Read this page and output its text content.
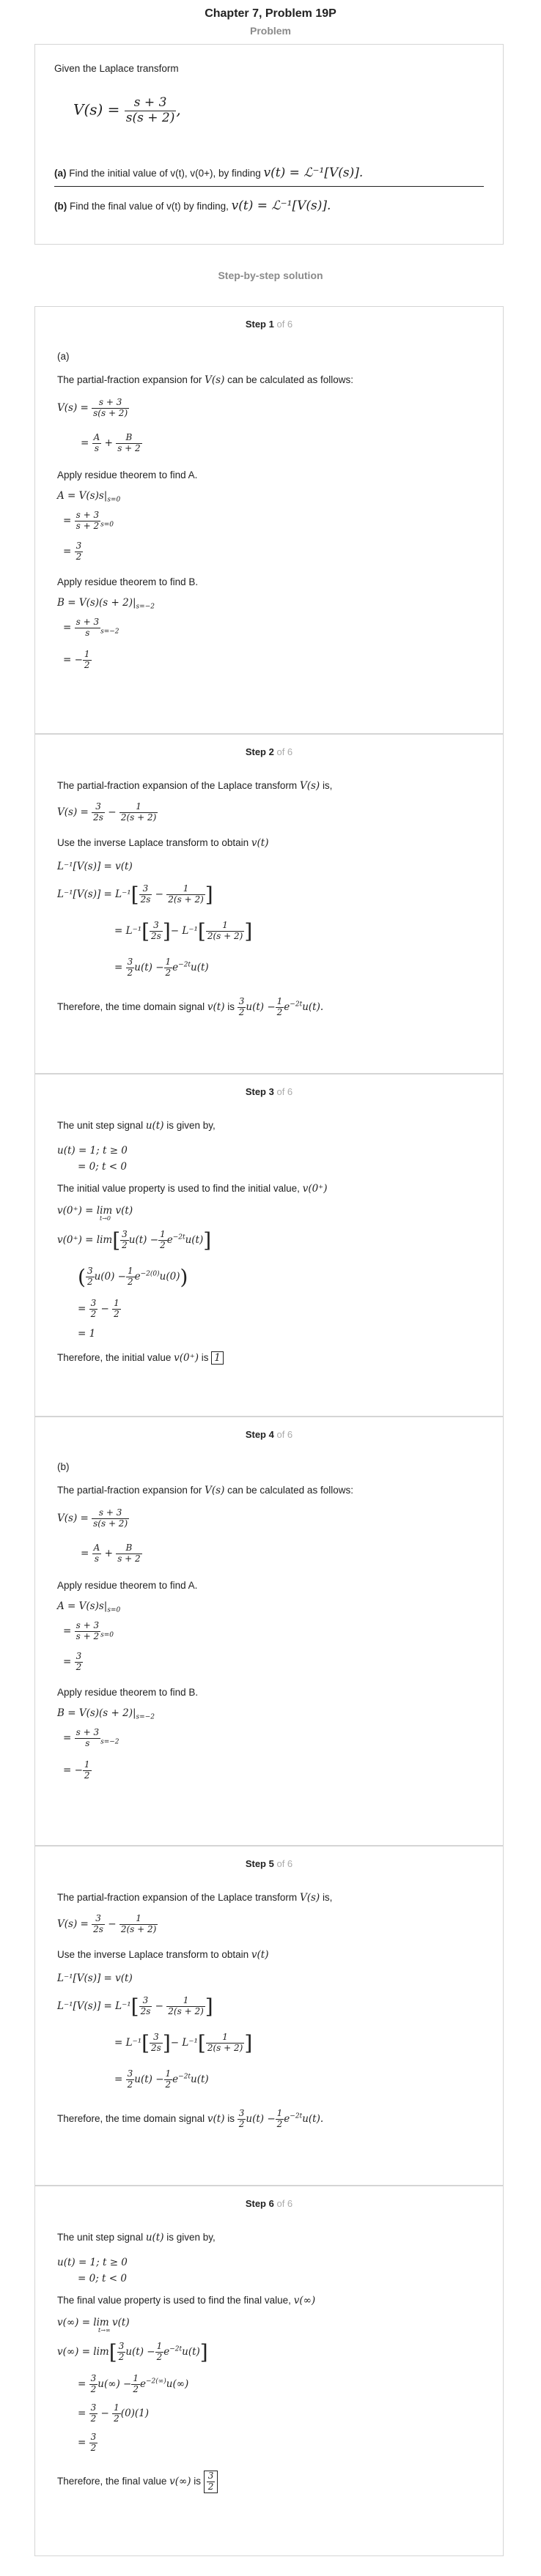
Chapter 7, Problem 19P
Problem
Given the Laplace transform
$V(s) = \frac{s + 3}{s(s + 2)}$ ,
(a) Find the initial value of v(t), v(0+), by finding v(t) = ℒ⁻¹[V(s)].
(b) Find the final value of v(t) by finding, v(t) = ℒ⁻¹[V(s)].
Step-by-step solution
Step 1 of 6
(a)
The partial-fraction expansion for V(s) can be calculated as follows:
$V(s) = \frac{s + 3}{s(s + 2)}$
= $\frac{A}{s} + \frac{B}{s + 2}$
Apply residue theorem to find A.
$A = V(s)s|_{s=0}$
= $\frac{s + 3}{s + 2} _{s=0}$
= $\frac{3}{2}$
Apply residue theorem to find B.
$B = V(s)(s + 2)|_{s=-2}$
= $\frac{s + 3}{s} _{s=-2}$
= − $\frac{1}{2}$
Step 2 of 6
The partial-fraction expansion of the Laplace transform V(s) is,
$V(s) = \frac{3}{2s} - \frac{1}{2(s + 2)}$
Use the inverse Laplace transform to obtain v(t)
L⁻¹[V(s)] = v(t)
$L^{-1}[V(s)] = L^{-1}[ \frac{3}{2s} - \frac{1}{2(s + 2)}$ ]
= $L^{-1}[ \frac{3}{2s}$ ]− $L^{-1}[ \frac{1}{2(s + 2)}$ ]
= $\frac{3}{2} u(t) - \frac{1}{2} e^{-2t}u(t)$
Therefore, the time domain signal v(t) is $\frac{3}{2} u(t) - \frac{1}{2} e^{-2t}u(t)$.
Step 3 of 6
The unit step signal u(t) is given by,
u(t) = 1; t ≥ 0
= 0; t < 0
The initial value property is used to find the initial value, v(0⁺)
v(0⁺) = lim v(t)
t→0
$v(0^+) = \lim[ \frac{3}{2} u(t) - \frac{1}{2} e^{-2t}u(t)]$
( $\frac{3}{2} u(0) - \frac{1}{2} e^{-2(0)}u(0)$)
= $\frac{3}{2} - \frac{1}{2}$
= 1
Therefore, the initial value v(0⁺) is 1
Step 4 of 6
(b)
The partial-fraction expansion for V(s) can be calculated as follows:
$V(s) = \frac{s + 3}{s(s + 2)}$
= $\frac{A}{s} + \frac{B}{s + 2}$
Apply residue theorem to find A.
$A = V(s)s|_{s=0}$
= $\frac{s + 3}{s + 2} _{s=0}$
= $\frac{3}{2}$
Apply residue theorem to find B.
$B = V(s)(s + 2)|_{s=-2}$
= $\frac{s + 3}{s} _{s=-2}$
= − $\frac{1}{2}$
Step 5 of 6
The partial-fraction expansion of the Laplace transform V(s) is,
$V(s) = \frac{3}{2s} - \frac{1}{2(s + 2)}$
Use the inverse Laplace transform to obtain v(t)
L⁻¹[V(s)] = v(t)
$L^{-1}[V(s)] = L^{-1}[ \frac{3}{2s} - \frac{1}{2(s + 2)}$ ]
= $L^{-1}[ \frac{3}{2s}$ ]− $L^{-1}[ \frac{1}{2(s + 2)}$ ]
= $\frac{3}{2} u(t) - \frac{1}{2} e^{-2t}u(t)$
Therefore, the time domain signal v(t) is $\frac{3}{2} u(t) - \frac{1}{2} e^{-2t}u(t)$.
Step 6 of 6
The unit step signal u(t) is given by,
u(t) = 1; t ≥ 0
= 0; t < 0
The final value property is used to find the final value, v(∞)
v(∞) = lim v(t)
t→∞
$v(\infty) = \lim[ \frac{3}{2} u(t) - \frac{1}{2} e^{-2t}u(t)]$
= $\frac{3}{2} u(\infty) - \frac{1}{2} e^{-2(\infty)}u(\infty)$
= $\frac{3}{2} - \frac{1}{2} (0)(1)$
= $\frac{3}{2}$
Therefore, the final value v(∞) is $\frac{3}{2}$
